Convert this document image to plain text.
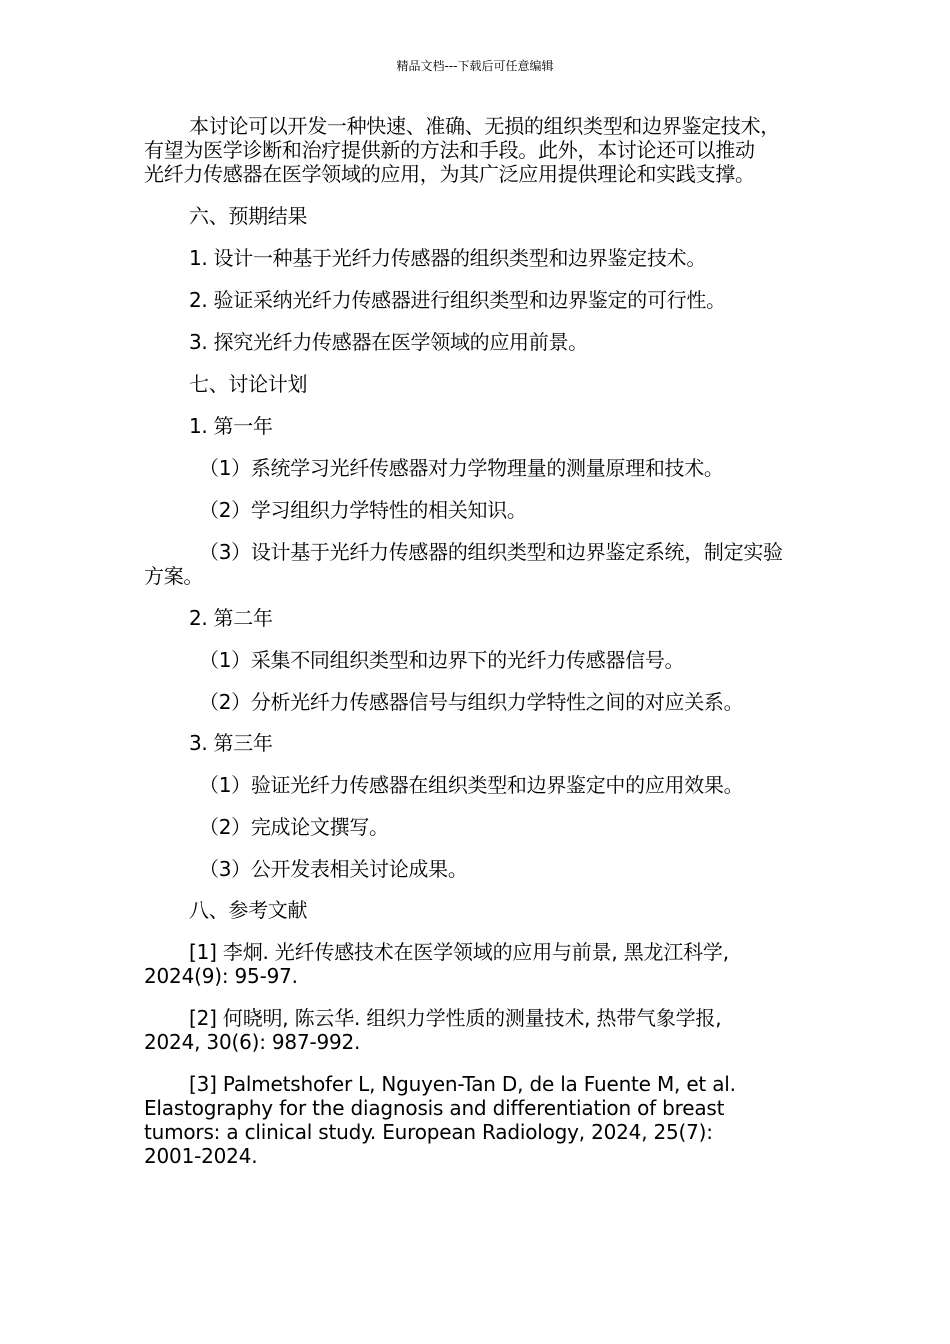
精品文档---下载后可任意编辑
本讨论可以开发一种快速、准确、无损的组织类型和边界鉴定技术，
有望为医学诊断和治疗提供新的方法和手段。此外，本讨论还可以推动
光纤力传感器在医学领域的应用，为其广泛应用提供理论和实践支撑。

六、预期结果

1. 设计一种基于光纤力传感器的组织类型和边界鉴定技术。

2. 验证采纳光纤力传感器进行组织类型和边界鉴定的可行性。

3. 探究光纤力传感器在医学领域的应用前景。

七、讨论计划

1. 第一年

（1）系统学习光纤传感器对力学物理量的测量原理和技术。

（2）学习组织力学特性的相关知识。

（3）设计基于光纤力传感器的组织类型和边界鉴定系统，制定实验
方案。

2. 第二年

（1）采集不同组织类型和边界下的光纤力传感器信号。

（2）分析光纤力传感器信号与组织力学特性之间的对应关系。

3. 第三年

（1）验证光纤力传感器在组织类型和边界鉴定中的应用效果。

（2）完成论文撰写。

（3）公开发表相关讨论成果。

八、参考文献

[1] 李炯. 光纤传感技术在医学领域的应用与前景, 黑龙江科学,
2024(9): 95-97.
[2] 何晓明, 陈云华. 组织力学性质的测量技术, 热带气象学报,
2024, 30(6): 987-992.
[3] Palmetshofer L, Nguyen-Tan D, de la Fuente M, et al.
Elastography for the diagnosis and differentiation of breast
tumors: a clinical study. European Radiology, 2024, 25(7):
2001-2024.
